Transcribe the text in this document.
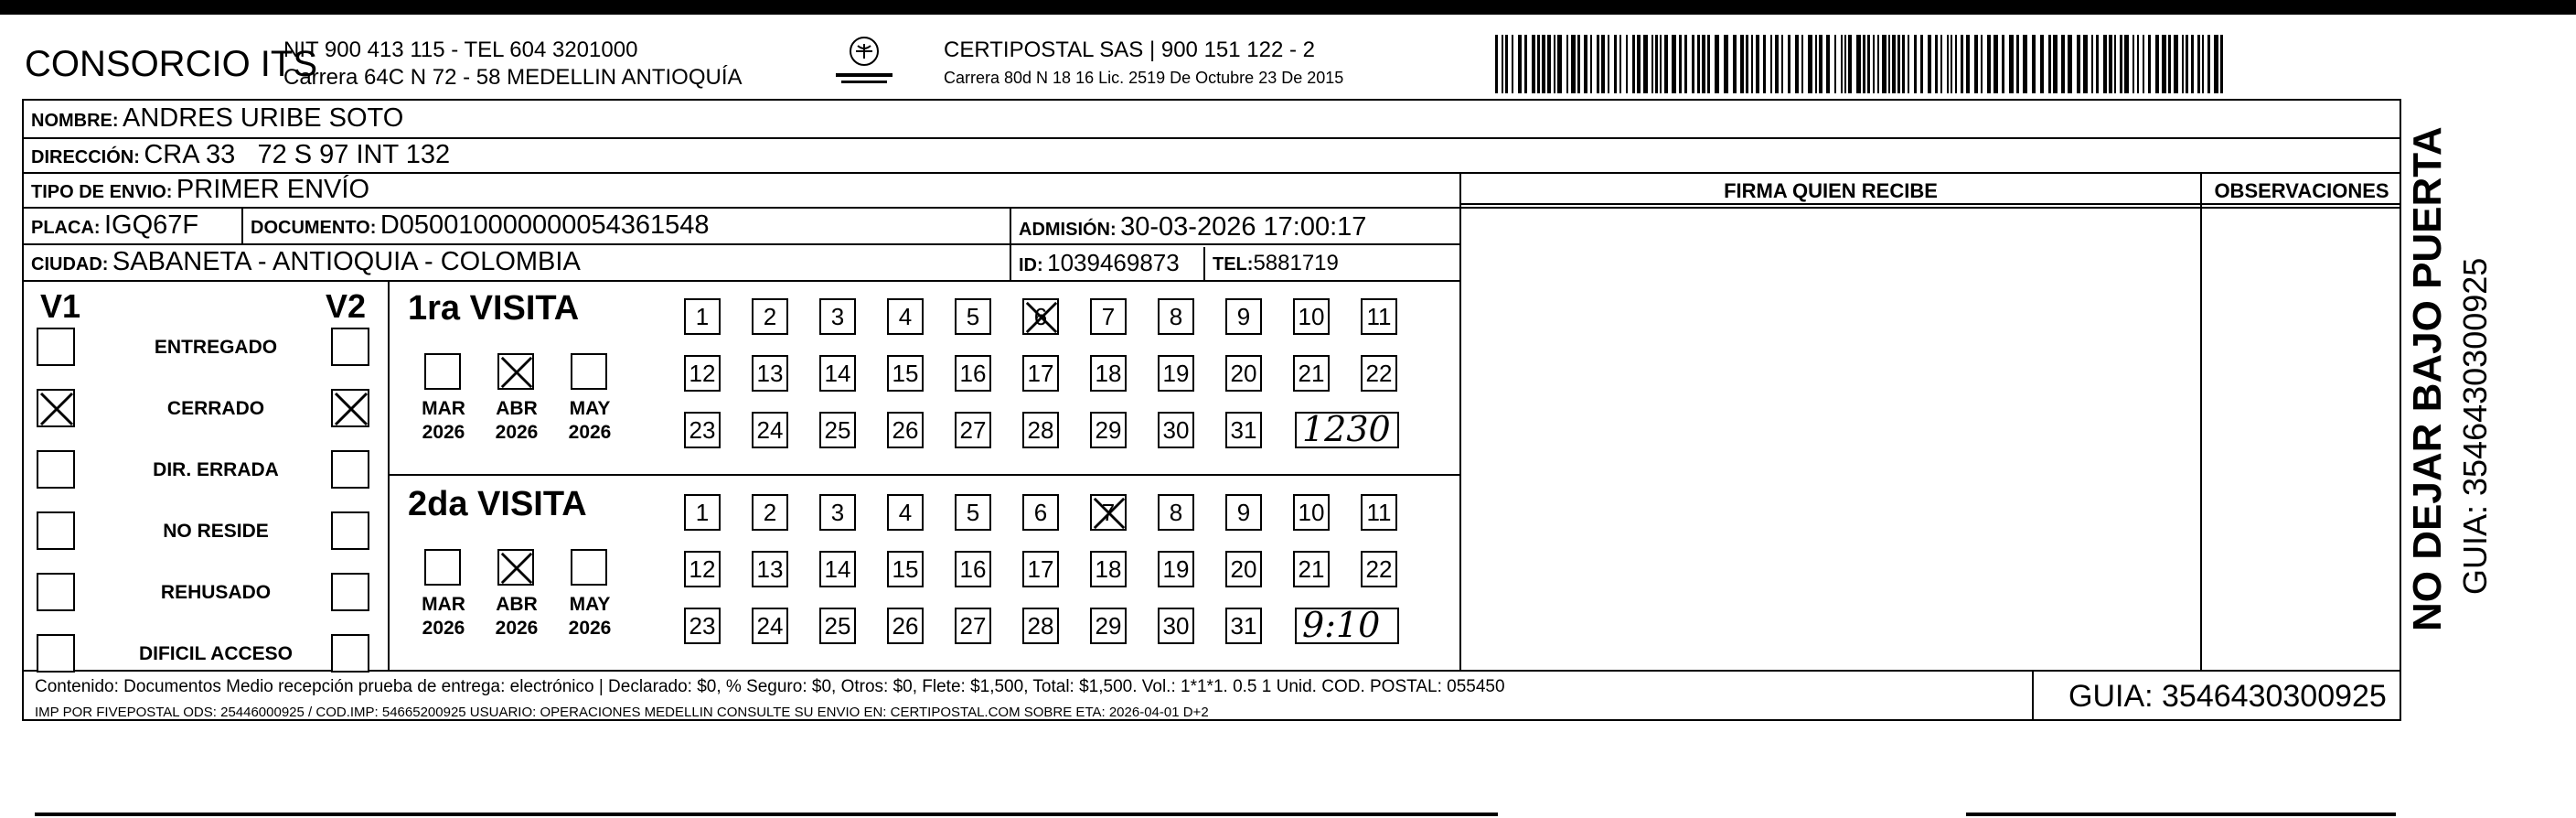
CONSORCIO ITS
NIT 900 413 115 - TEL 604 3201000
Carrera 64C N 72 - 58 MEDELLIN ANTIOQUÍA
CERTIPOSTAL SAS | 900 151 122 - 2
Carrera 80d N 18 16 Lic. 2519 De Octubre 23 De 2015
NOMBRE: ANDRES URIBE SOTO
DIRECCIÓN: CRA 33   72 S 97 INT 132
TIPO DE ENVIO: PRIMER ENVÍO	FIRMA QUIEN RECIBE	OBSERVACIONES
PLACA: IGQ67F	DOCUMENTO: D050010000000054361548	ADMISIÓN: 30-03-2026 17:00:17
CIUDAD: SABANETA - ANTIOQUIA - COLOMBIA	ID: 1039469873 TEL:5881719
V1	V2
ENTREGADO
CERRADO
DIR. ERRADA
NO RESIDE
REHUSADO
DIFICIL ACCESO
1ra VISITA
MAR
2026
ABR
2026
MAY
2026
1	2	3	4	5	6	7	8	9	10 11
12 13 14 15 16 17 18 19 20 21 22
23 24 25 26 27 28 29 30 31 1230
2da VISITA
MAR
2026
ABR
2026
MAY
2026
1	2	3	4	5	6	7	8	9	10 11
12 13 14 15 16 17 18 19 20 21 22
23 24 25 26 27 28 29 30 31 9:10
Contenido: Documentos Medio recepción prueba de entrega: electrónico | Declarado: $0, % Seguro: $0, Otros: $0, Flete: $1,500, Total: $1,500. Vol.: 1*1*1. 0.5 1 Unid. COD. POSTAL: 055450
IMP POR FIVEPOSTAL ODS: 25446000925 / COD.IMP: 54665200925 USUARIO: OPERACIONES MEDELLIN CONSULTE SU ENVIO EN: CERTIPOSTAL.COM SOBRE ETA: 2026-04-01 D+2	GUIA: 3546430300925
NO DEJAR BAJO PUERTA GUIA: 3546430300925
